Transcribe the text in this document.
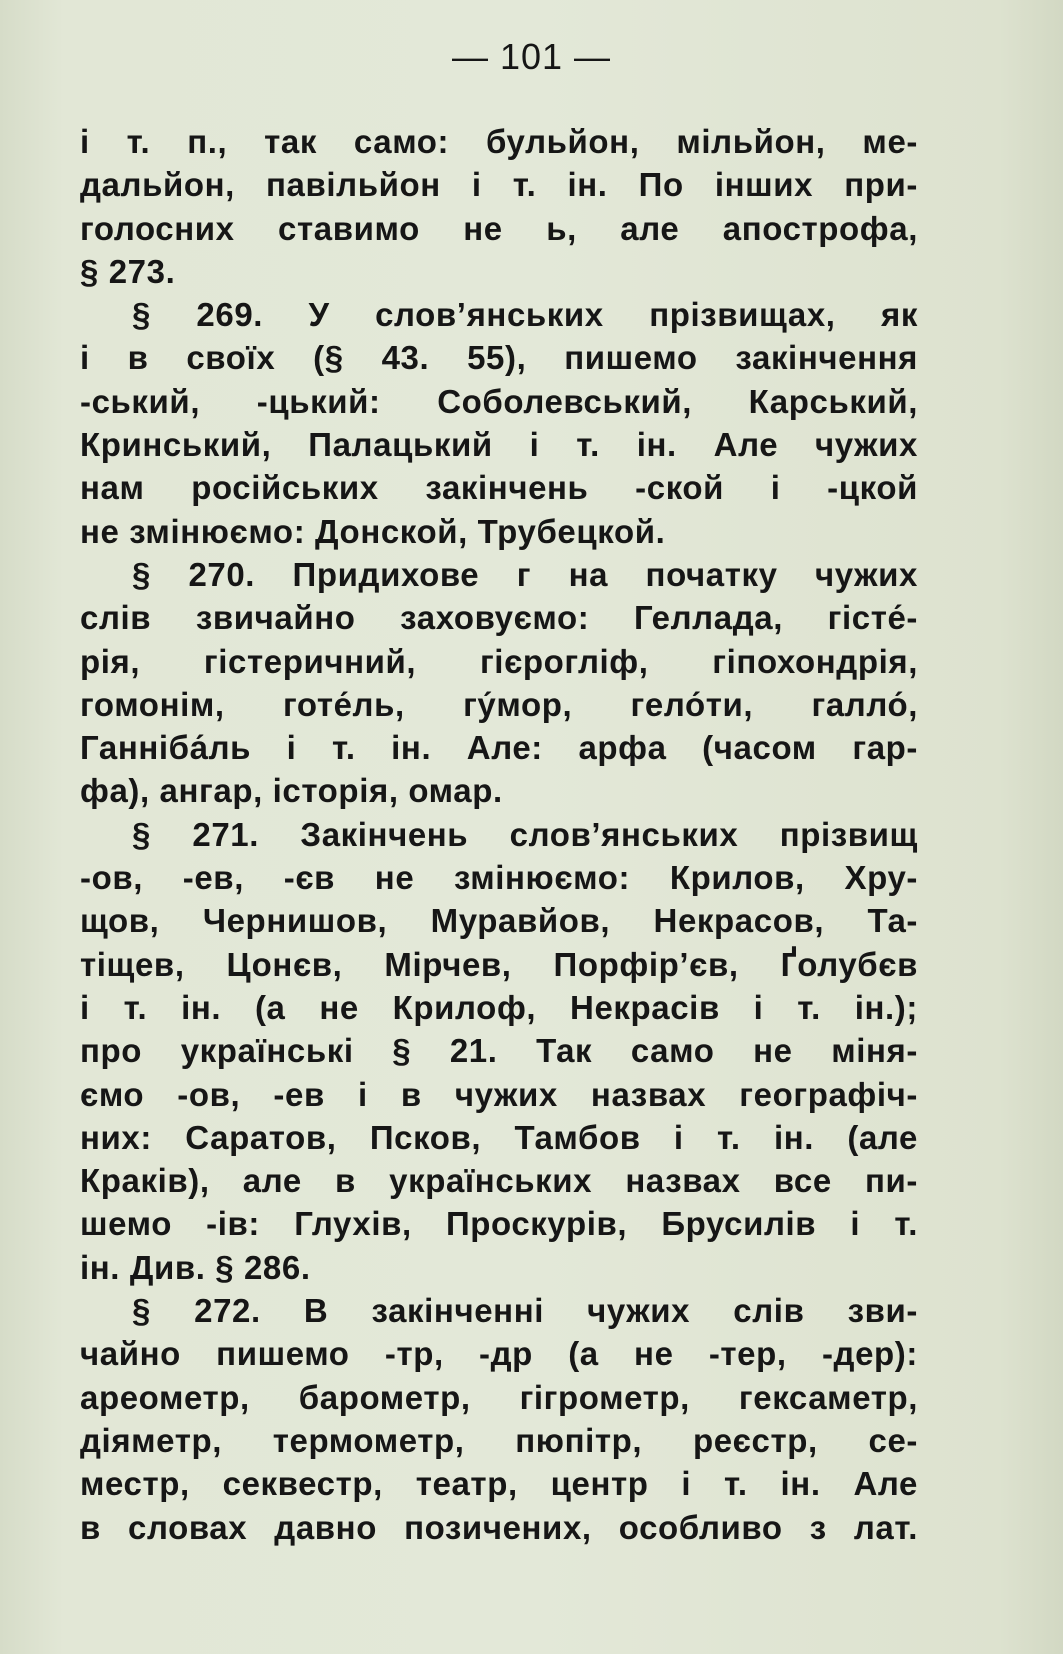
— 101 —
і т. п., так само: бульйон, мільйон, ме-
дальйон, павільйон і т. ін. По інших при-
голосних ставимо не ь, але апострофа,
§ 273.
§ 269. У слов’янських прізвищах, як
і в своїх (§ 43. 55), пишемо закінчення
-ський, -цький: Соболевський, Карський,
Кринський, Палацький і т. ін. Але чужих
нам російських закінчень -ской і -цкой
не змінюємо: Донской, Трубецкой.
§ 270. Придихове г на початку чужих
слів звичайно заховуємо: Геллада, гісте́-
рія, гістеричний, гієрогліф, гіпохондрія,
гомонім, готе́ль, гу́мор, гело́ти, галло́,
Ганніба́ль і т. ін. Але: арфа (часом гар-
фа), ангар, історія, омар.
§ 271. Закінчень слов’янських прізвищ
-ов, -ев, -єв не змінюємо: Крилов, Хру-
щов, Чернишов, Муравйов, Некрасов, Та-
тіщев, Цонєв, Мірчев, Порфір’єв, Ґолубєв
і т. ін. (а не Крилоф, Некрасів і т. ін.);
про українські § 21. Так само не міня-
ємо -ов, -ев і в чужих назвах географіч-
них: Саратов, Псков, Тамбов і т. ін. (але
Краків), але в українських назвах все пи-
шемо -ів: Глухів, Проскурів, Брусилів і т.
ін. Див. § 286.
§ 272. В закінченні чужих слів зви-
чайно пишемо -тр, -др (а не -тер, -дер):
ареометр, барометр, гігрометр, гексаметр,
діяметр, термометр, пюпітр, реєстр, се-
местр, секвестр, театр, центр і т. ін. Але
в словах давно позичених, особливо з лат.
